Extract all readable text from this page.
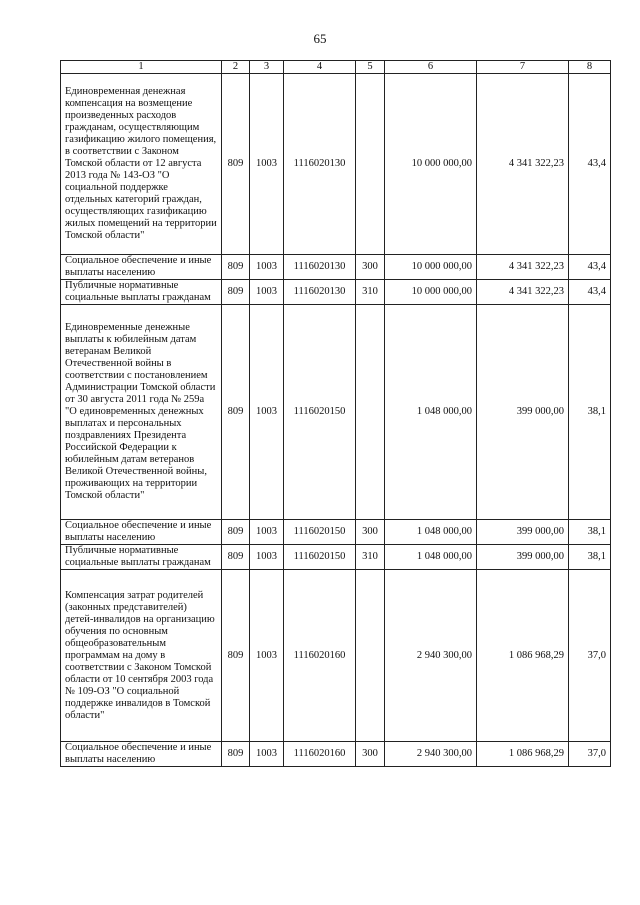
65
1	2	3	4	5	6	7	8
Единовременная денежная компенсация на возмещение произведенных расходов гражданам, осуществляющим газификацию жилого помещения, в соответствии с Законом Томской области от 12 августа 2013 года № 143-ОЗ "О социальной поддержке отдельных категорий граждан, осуществляющих газификацию жилых помещений на территории Томской области"	809	1003	1116020130		10 000 000,00	4 341 322,23	43,4
Социальное обеспечение и иные выплаты населению	809	1003	1116020130	300	10 000 000,00	4 341 322,23	43,4
Публичные нормативные социальные выплаты гражданам	809	1003	1116020130	310	10 000 000,00	4 341 322,23	43,4
Единовременные денежные выплаты к юбилейным датам ветеранам Великой Отечественной войны в соответствии с постановлением Администрации Томской области от 30 августа 2011 года № 259а "О единовременных денежных выплатах и персональных поздравлениях Президента Российской Федерации к юбилейным датам ветеранов Великой Отечественной войны, проживающих на территории Томской области"	809	1003	1116020150		1 048 000,00	399 000,00	38,1
Социальное обеспечение и иные выплаты населению	809	1003	1116020150	300	1 048 000,00	399 000,00	38,1
Публичные нормативные социальные выплаты гражданам	809	1003	1116020150	310	1 048 000,00	399 000,00	38,1
Компенсация затрат родителей (законных представителей) детей-инвалидов на организацию обучения по основным общеобразовательным программам на дому в соответствии с Законом Томской области от 10 сентября 2003 года № 109-ОЗ "О социальной поддержке инвалидов в Томской области"	809	1003	1116020160		2 940 300,00	1 086 968,29	37,0
Социальное обеспечение и иные выплаты населению	809	1003	1116020160	300	2 940 300,00	1 086 968,29	37,0
